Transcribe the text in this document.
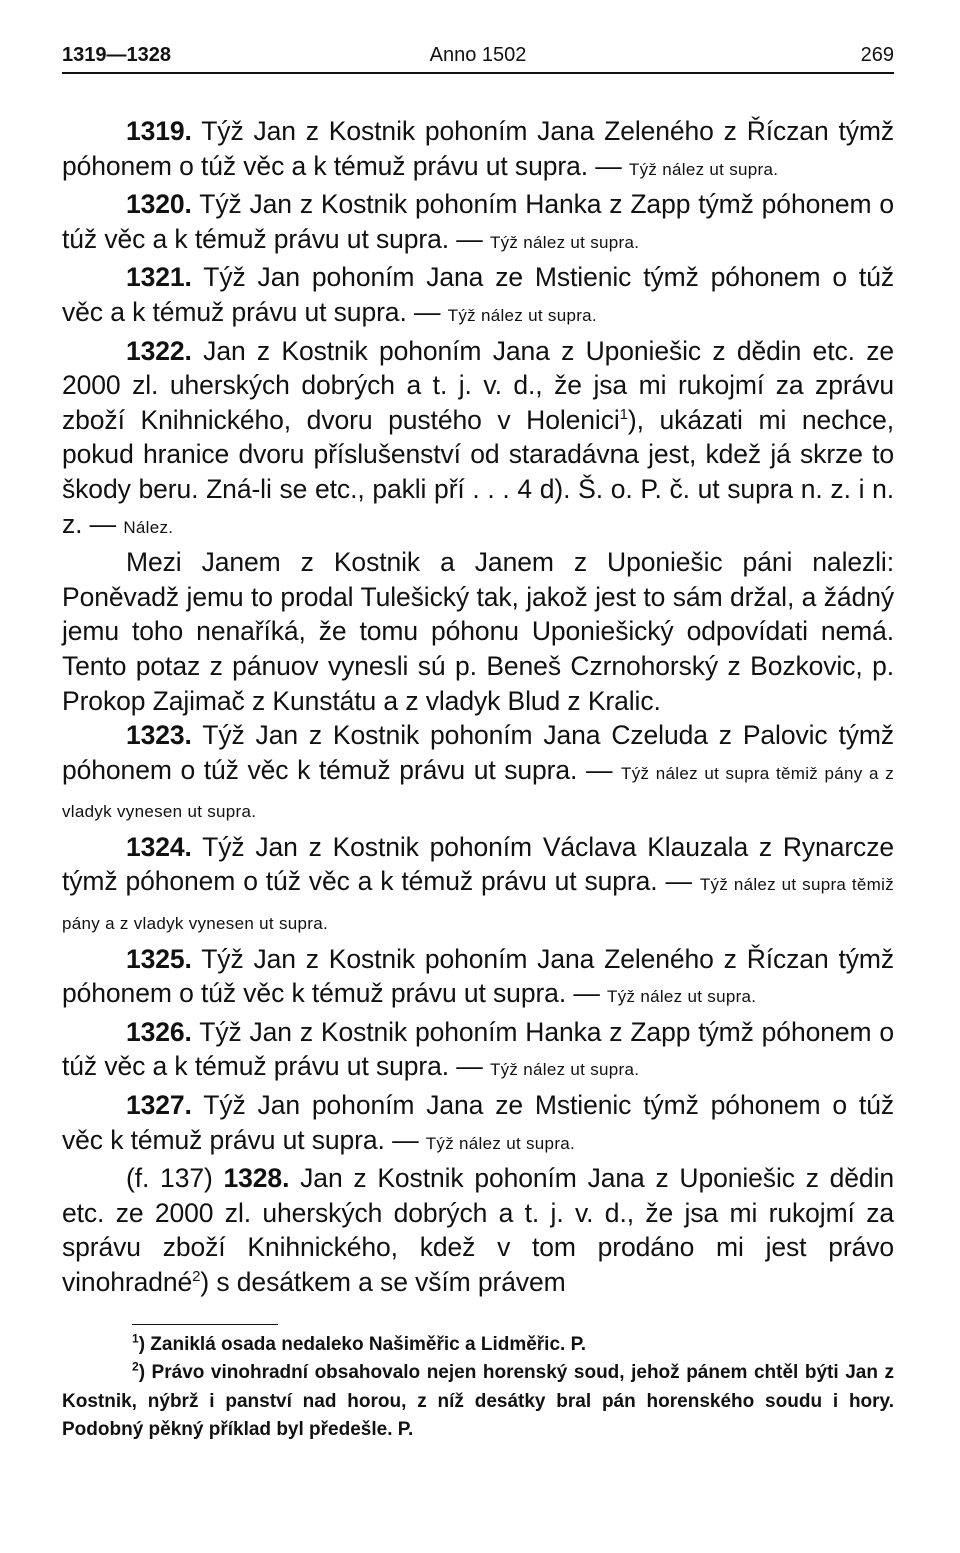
1319—1328	Anno 1502	269

1319. Týž Jan z Kostnik pohoním Jana Zeleného z Říczan týmž póhonem o túž věc a k témuž právu ut supra. — Týž nález ut supra.

1320. Týž Jan z Kostnik pohoním Hanka z Zapp týmž póhonem o túž věc a k témuž právu ut supra. — Týž nález ut supra.

1321. Týž Jan pohoním Jana ze Mstienic týmž póhonem o túž věc a k témuž právu ut supra. — Týž nález ut supra.

1322. Jan z Kostnik pohoním Jana z Uponiešic z dědin etc. ze 2000 zl. uherských dobrých a t. j. v. d., že jsa mi rukojmí za zprávu zboží Knihnického, dvoru pustého v Holenici$^1$), ukázati mi nechce, pokud hranice dvoru příslušenství od staradávna jest, kdež já skrze to škody beru. Zná-li se etc., pakli pří . . . 4 d). Š. o. P. č. ut supra n. z. i n. z. — Nález.

Mezi Janem z Kostnik a Janem z Uponiešic páni nalezli: Poněvadž jemu to prodal Tulešický tak, jakož jest to sám držal, a žádný jemu toho nenaříká, že tomu póhonu Uponiešický odpovídati nemá. Tento potaz z pánuov vynesli sú p. Beneš Czrnohorský z Bozkovic, p. Prokop Zajimač z Kunstátu a z vladyk Blud z Kralic.

1323. Týž Jan z Kostnik pohoním Jana Czeluda z Palovic týmž póhonem o túž věc k témuž právu ut supra. — Týž nález ut supra těmiž pány a z vladyk vynesen ut supra.

1324. Týž Jan z Kostnik pohoním Václava Klauzala z Rynarcze týmž póhonem o túž věc a k témuž právu ut supra. — Týž nález ut supra těmiž pány a z vladyk vynesen ut supra.

1325. Týž Jan z Kostnik pohoním Jana Zeleného z Říczan týmž póhonem o túž věc k témuž právu ut supra. — Týž nález ut supra.

1326. Týž Jan z Kostnik pohoním Hanka z Zapp týmž póhonem o túž věc a k témuž právu ut supra. — Týž nález ut supra.

1327. Týž Jan pohoním Jana ze Mstienic týmž póhonem o túž věc k témuž právu ut supra. — Týž nález ut supra.

(f. 137) 1328. Jan z Kostnik pohoním Jana z Uponiešic z dědin etc. ze 2000 zl. uherských dobrých a t. j. v. d., že jsa mi rukojmí za správu zboží Knihnického, kdež v tom prodáno mi jest právo vinohradné$^2$) s desátkem a se vším právem

$^1$) Zaniklá osada nedaleko Našiměřic a Lidměřic. P.

$^2$) Právo vinohradní obsahovalo nejen horenský soud, jehož pánem chtěl býti Jan z Kostnik, nýbrž i panství nad horou, z níž desátky bral pán horenského soudu i hory. Podobný pěkný příklad byl předešle. P.
